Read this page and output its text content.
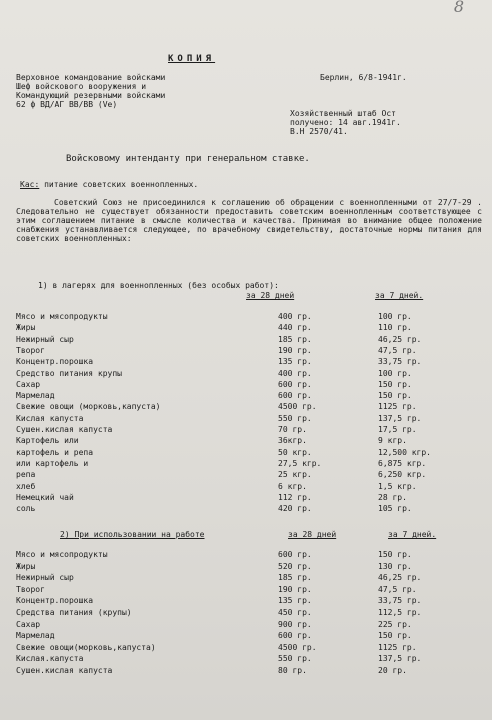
8
КОПИЯ
Верховное командование войсками
Шеф войскового вооружения и
Командующий резервными войсками
62 ф ВД/АГ ВВ/ВВ (Ve)
Берлин, 6/8-1941г.
Хозяйственный штаб Ост
получено: 14 авг.1941г.
В.Н 2570/41.
Войсковому интенданту при генеральном ставке.
Кас: питание советских военнопленных.
Советский Союз не присоединился к соглашению об обращении с военнопленными от 27/7-29 . Следовательно не существует обязанности предоставить советским военнопленным соответствующее с этим соглашением питание в смысле количества и качества. Принимая во внимание общее положение снабжения устанавливается следующее, по врачебному свидетельству, достаточные нормы питания для советских военнопленных:
1) в лагерях для военнопленных (без особых работ):
за 28 дней	за 7 дней.
Мясо и мясопродукты	400 гр.	100 гр.
Жиры	440 гр.	110 гр.
Нежирный сыр	185 гр.	46,25 гр.
Творог	190 гр.	47,5 гр.
Концентр.порошка	135 гр.	33,75 гр.
Средство питания крупы	400 гр.	100 гр.
Сахар	600 гр.	150 гр.
Мармелад	600 гр.	150 гр.
Свежие овощи (морковь,капуста)	4500 гр.	1125 гр.
Кислая капуста	550 гр.	137,5 гр.
Сушен.кислая капуста	70 гр.	17,5 гр.
Картофель или	36кгр.	9 кгр.
картофель и репа	50 кгр.	12,500 кгр.
или картофель и	27,5 кгр.	6,875 кгр.
репа	25 кгр.	6,250 кгр.
хлеб	6 кгр.	1,5 кгр.
Немецкий чай	112 гр.	28 гр.
соль	420 гр.	105 гр.
2) При использовании на работе	за 28 дней	за 7 дней.
Мясо и мясопродукты	600 гр.	150 гр.
Жиры	520 гр.	130 гр.
Нежирный сыр	185 гр.	46,25 гр.
Творог	190 гр.	47,5 гр.
Концентр.порошка	135 гр.	33,75 гр.
Средства питания (крупы)	450 гр.	112,5 гр.
Сахар	900 гр.	225 гр.
Мармелад	600 гр.	150 гр.
Свежие овощи(морковь,капуста)	4500 гр.	1125 гр.
Кислая.капуста	550 гр.	137,5 гр.
Сушен.кислая капуста	80 гр.	20 гр.
